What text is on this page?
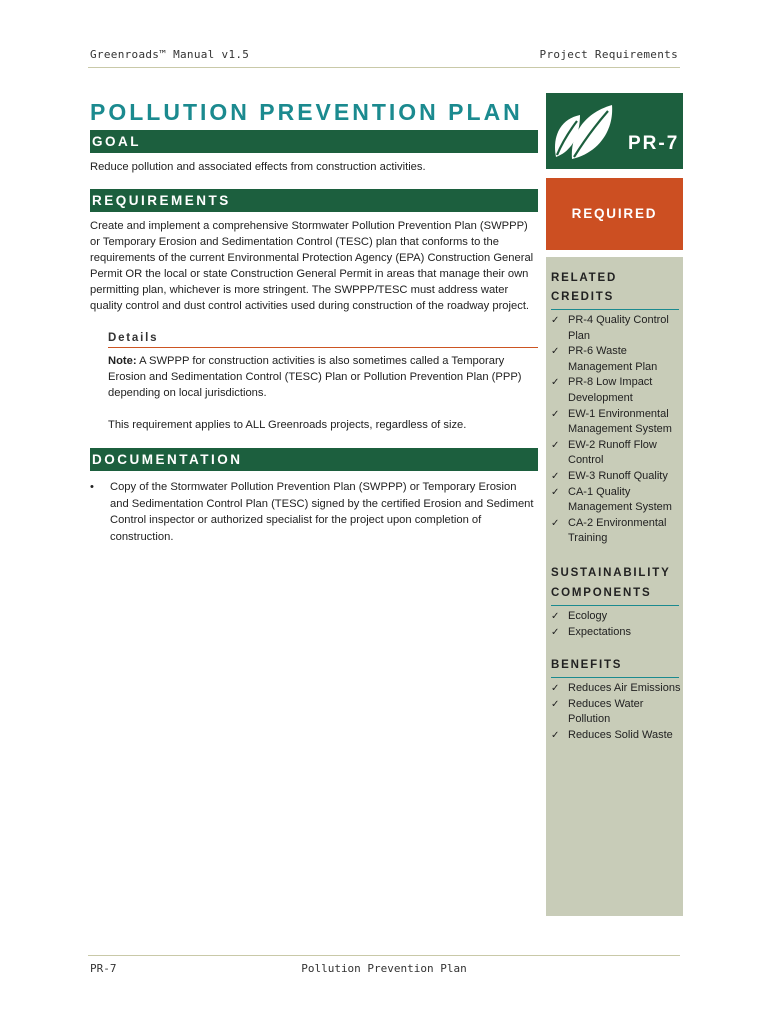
Greenroads™ Manual v1.5	Project Requirements
POLLUTION PREVENTION PLAN
GOAL
Reduce pollution and associated effects from construction activities.
REQUIREMENTS
Create and implement a comprehensive Stormwater Pollution Prevention Plan (SWPPP) or Temporary Erosion and Sedimentation Control (TESC) plan that conforms to the requirements of the current Environmental Protection Agency (EPA) Construction General Permit OR the local or state Construction General Permit in areas that manage their own permitting plan, whichever is more stringent. The SWPPP/TESC must address water quality control and dust control activities used during construction of the roadway project.
Details
Note: A SWPPP for construction activities is also sometimes called a Temporary Erosion and Sedimentation Control (TESC) Plan or Pollution Prevention Plan (PPP) depending on local jurisdictions.
This requirement applies to ALL Greenroads projects, regardless of size.
DOCUMENTATION
•	Copy of the Stormwater Pollution Prevention Plan (SWPPP) or Temporary Erosion and Sedimentation Control Plan (TESC) signed by the certified Erosion and Sediment Control inspector or authorized specialist for the project upon completion of construction.
PR-7
REQUIRED
RELATED CREDITS
✓ PR-4 Quality Control Plan
✓ PR-6 Waste Management Plan
✓ PR-8 Low Impact Development
✓ EW-1 Environmental Management System
✓ EW-2 Runoff Flow Control
✓ EW-3 Runoff Quality
✓ CA-1 Quality Management System
✓ CA-2 Environmental Training
SUSTAINABILITY COMPONENTS
✓ Ecology
✓ Expectations
BENEFITS
✓ Reduces Air Emissions
✓ Reduces Water Pollution
✓ Reduces Solid Waste
PR-7	Pollution Prevention Plan
